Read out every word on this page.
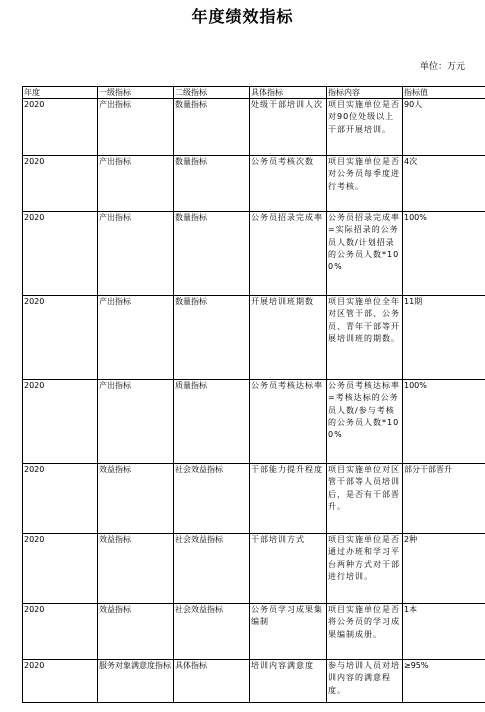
年度绩效指标
单位：万元
年度	一级指标	二级指标	具体指标	指标内容	指标值
2020	产出指标	数量指标	处级干部培训人次	项目实施单位是否对90位处级以上干部开展培训。	90人
2020	产出指标	数量指标	公务员考核次数	项目实施单位是否对公务员每季度进行考核。	4次
2020	产出指标	数量指标	公务员招录完成率	公务员招录完成率=实际招录的公务员人数/计划招录的公务员人数*100%	100%
2020	产出指标	数量指标	开展培训班期数	项目实施单位全年对区管干部、公务员、青年干部等开展培训班的期数。	11期
2020	产出指标	质量指标	公务员考核达标率	公务员考核达标率=考核达标的公务员人数/参与考核的公务员人数*100%	100%
2020	效益指标	社会效益指标	干部能力提升程度	项目实施单位对区管干部等人员培训后，是否有干部晋升。	部分干部晋升
2020	效益指标	社会效益指标	干部培训方式	项目实施单位是否通过办班和学习平台两种方式对干部进行培训。	2种
2020	效益指标	社会效益指标	公务员学习成果集编制	项目实施单位是否将公务员的学习成果编制成册。	1本
2020	服务对象满意度指标	具体指标	培训内容满意度	参与培训人员对培训内容的满意程度。	≥95%
